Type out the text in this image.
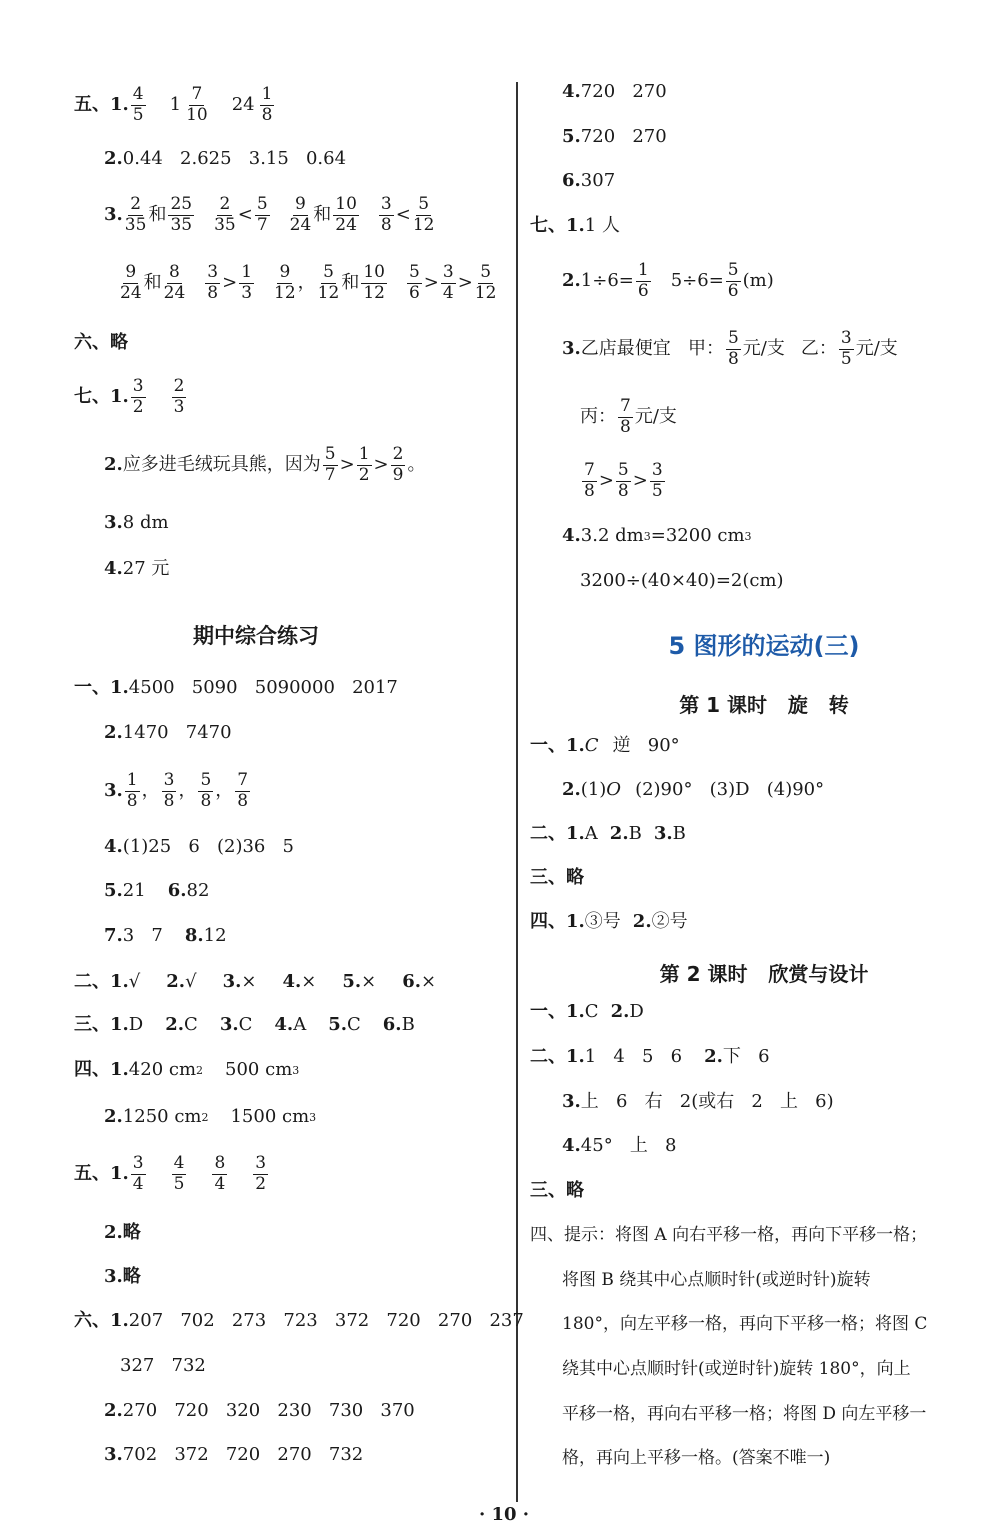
五、1. $\frac{4}{5} 1 \frac{7}{10} 24 \frac{1}{8}$
2. 0.44   2.625   3.15   0.64
3. $\frac{2}{35}$ 和 $\frac{25}{35} \frac{2}{35} < \frac{5}{7} \frac{9}{24}$ 和 $\frac{10}{24} \frac{3}{8} < \frac{5}{12}$
$\frac{9}{24}$ 和 $\frac{8}{24} \frac{3}{8} > \frac{1}{3} \frac{9}{12}$ ， $\frac{5}{12}$ 和 $\frac{10}{12} \frac{5}{6} > \frac{3}{4} > \frac{5}{12}$
六、略
七、1. $\frac{3}{2} \frac{2}{3}$
2. 应多进毛绒玩具熊，因为 $\frac{5}{7} > \frac{1}{2} > \frac{2}{9}$ 。
3. 8 dm
4. 27 元
期中综合练习
一、1. 4500   5090   5090000   2017
2. 1470   7470
3. $\frac{1}{8}$ ， $\frac{3}{8}$ ， $\frac{5}{8}$ ， $\frac{7}{8}$
4. (1)25   6   (2)36   5
5. 21 6. 82
7. 3   7 8. 12
二、 1. √ 2. √ 3. × 4. × 5. × 6. ×
三、 1. D 2. C 3. C 4. A 5. C 6. B
四、1. 420 cm 2 500 cm 3
2. 1250 cm 2 1500 cm 3
五、1. $\frac{3}{4} \frac{4}{5} \frac{8}{4} \frac{3}{2}$
2. 略
3. 略
六、1. 207   702   273   723   372   720   270   237
327   732
2. 270   720   320   230   730   370
3. 702   372   720   270   732
4. 720   270
5. 720   270
6. 307
七、1. 1 人
2. $1\div 6= \frac{1}{6} 5\div 6= \frac{5}{6} (m)$
3. 乙店最便宜   甲： $\frac{5}{8}$ 元/支 乙： $\frac{3}{5}$ 元/支
丙： $\frac{7}{8}$ 元/支
$\frac{7}{8} > \frac{5}{8} > \frac{3}{5}$
4. 3.2 dm 3 =3200 cm 3
3200÷(40×40)=2(cm)
5 图形的运动(三)
第 1 课时   旋   转
一、1. C 逆   90°
2. (1) O (2)90°   (3)D   (4)90°
二、 1. A 2. B 3. B
三、略
四、 1. ③号 2. ②号
第 2 课时   欣赏与设计
一、 1. C 2. D
二、1. 1   4   5   6 2. 下   6
3. 上   6   右   2(或右   2   上   6)
4. 45°   上   8
三、略
四、提示：将图 A 向右平移一格，再向下平移一格；
将图 B 绕其中心点顺时针(或逆时针)旋转
180°，向左平移一格，再向下平移一格；将图 C
绕其中心点顺时针(或逆时针)旋转 180°，向上
平移一格，再向右平移一格；将图 D 向左平移一
格，再向上平移一格。(答案不唯一)
· 10 ·
